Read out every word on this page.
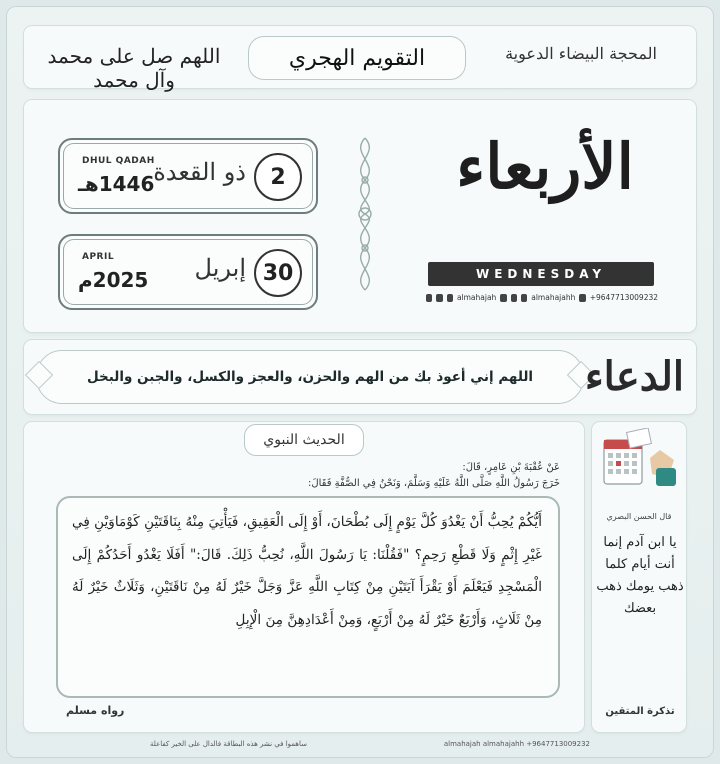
اللهم صل على محمد وآل محمد
التقويم الهجري	المحجة البيضاء الدعوية
2
ذو القعدة
DHUL QADAH
1446هـ
30
إبريل
APRIL
2025م
الأربعاء
WEDNESDAY
almahajah	almahajahh +9647713009232
اللهم إني أعوذ بك من الهم والحزن، والعجز والكسل، والجبن والبخل الدعاء
الحديث النبوي
عَنْ عُقْبَةَ بْنِ عَامِرٍ، قَالَ:
خَرَجَ رَسُولُ اللَّهِ صَلَّى اللَّهُ عَلَيْهِ وَسَلَّمَ، وَنَحْنُ فِي الصُّفَّةِ فَقَالَ:
أَيُّكُمْ يُحِبُّ أَنْ يَغْدُوَ كُلَّ يَوْمٍ إِلَى بُطْحَانَ، أَوْ إِلَى الْعَقِيقِ، فَيَأْتِيَ مِنْهُ بِنَاقَتَيْنِ كَوْمَاوَيْنِ فِي غَيْرِ إِثْمٍ وَلَا قَطْعِ رَحِمٍ؟ "فَقُلْنَا: يَا رَسُولَ اللَّهِ، نُحِبُّ ذَلِكَ. قَالَ:" أَفَلَا يَغْدُو أَحَدُكُمْ إِلَى الْمَسْجِدِ فَيَعْلَمَ أَوْ يَقْرَأَ آيَتَيْنِ مِنْ كِتَابِ اللَّهِ عَزَّ وَجَلَّ خَيْرٌ لَهُ مِنْ نَاقَتَيْنِ، وَثَلَاثٌ خَيْرٌ لَهُ مِنْ ثَلَاثٍ، وَأَرْبَعٌ خَيْرٌ لَهُ مِنْ أَرْبَعٍ، وَمِنْ أَعْدَادِهِنَّ مِنَ الْإِبِلِ
رواه مسلم
قال الحسن البصري
يا ابن آدم إنما أنت أيام كلما ذهب يومك ذهب بعضك
تذكرة المتقين
ساهموا في نشر هذه البطاقة فالدال على الخير كفاعلة	almahajah almahajahh +9647713009232
